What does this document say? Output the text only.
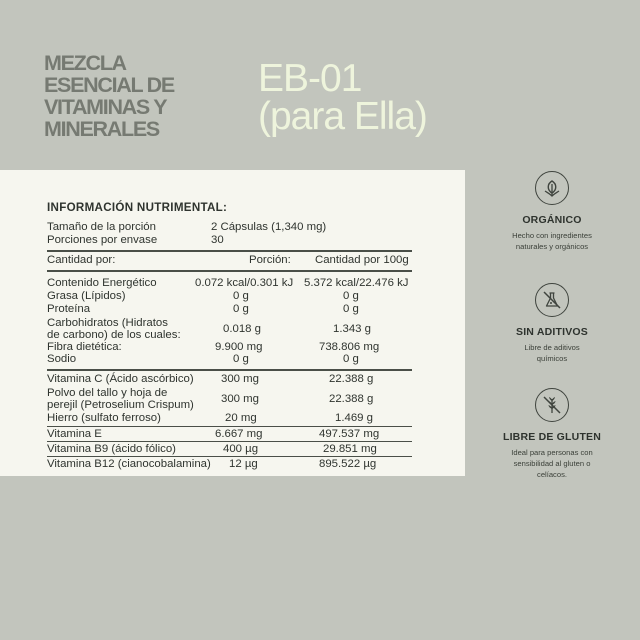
MEZCLA
ESENCIAL DE
VITAMINAS Y
MINERALES
EB-01
(para Ella)
INFORMACIÓN NUTRIMENTAL:
Tamaño de la porción	2 Cápsulas (1,340 mg)
Porciones por envase	30
Cantidad por:	Porción: Cantidad por 100g
Contenido Energético	0.072 kcal/0.301 kJ 5.372 kcal/22.476 kJ
Grasa (Lípidos)	0 g	0 g
Proteína	0 g	0 g
Carbohidratos (Hidratos
de carbono) de los cuales:	0.018 g	1.343 g
Fibra dietética:	9.900 mg	738.806 mg
Sodio	0 g	0 g
Vitamina C (Ácido ascórbico) 300 mg	22.388 g
Polvo del tallo y hoja de
perejil (Petroselium Crispum) 300 mg	22.388 g
Hierro (sulfato ferroso)	20 mg	1.469 g
Vitamina E	6.667 mg	497.537 mg
Vitamina B9 (ácido fólico)	400 µg	29.851 mg
Vitamina B12 (cianocobalamina) 12 µg	895.522 µg
ORGÁNICO
Hecho con ingredientes
naturales y orgánicos
SIN ADITIVOS
Libre de aditivos
químicos
LIBRE DE GLUTEN
Ideal para personas con
sensibilidad al gluten o
celíacos.
